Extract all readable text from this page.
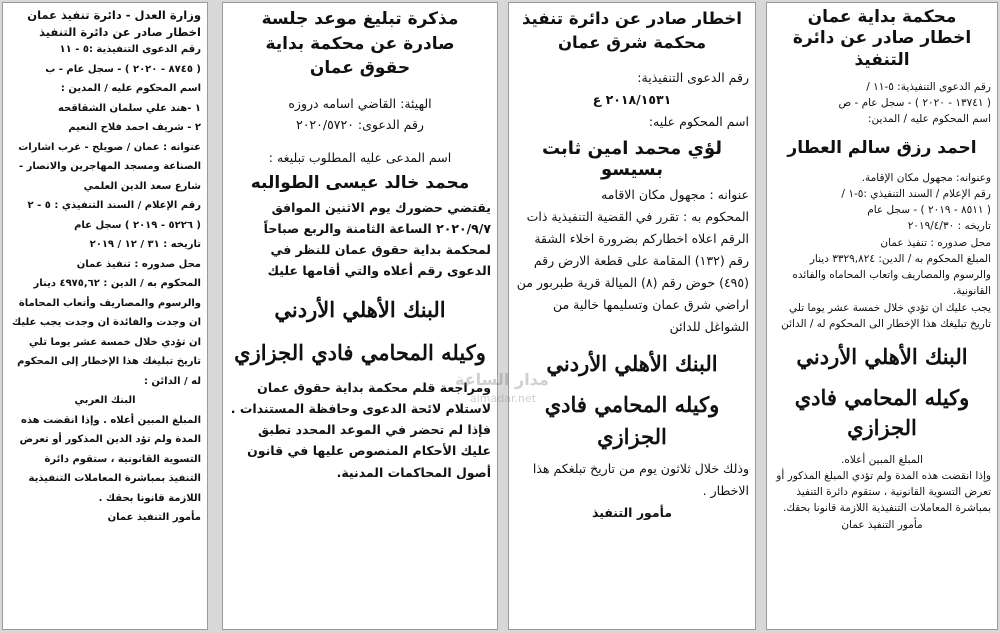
محكمة بداية عمان

اخطار صادر عن دائرة التنفيذ

رقم الدعوى التنفيذية: ٥-١١ /

( ١٣٧٤١ - ٢٠٢٠ ) - سجل عام - ص

اسم المحكوم عليه / المدين:

احمد رزق سالم العطار

وعنوانه: مجهول مكان الإقامة.

رقم الإعلام / السند التنفيذي :٥-١ /

( ٨٥١١ - ٢٠١٩ ) - سجل عام

تاريخه : ٢٠١٩/٤/٣٠

محل صدوره : تنفيذ عمان

المبلغ المحكوم به / الدين: ٣٣٢٩,٨٢٤ دينار والرسوم والمصاريف واتعاب المحاماه والفائده القانونية.

يجب عليك ان تؤدي خلال خمسة عشر يوما تلي تاريخ تبليغك هذا الإخطار الى المحكوم له / الدائن

البنك الأهلي الأردني

وكيله المحامي فادي الجزازي

المبلغ المبين أعلاه.

وإذا انقضت هذه المدة ولم تؤدي المبلغ المذكور أو تعرض التسوية القانونية ، ستقوم دائرة التنفيذ بمباشرة المعاملات التنفيذية اللازمة قانونا بحقك.

مأمور التنفيذ عمان

اخطار صادر عن دائرة تنفيذ

محكمة شرق عمان

رقم الدعوى التنفيذية:

٢٠١٨/١٥٣١ ع

اسم المحكوم عليه:

لؤي محمد امين ثابت بسيسو

عنوانه : مجهول مكان الاقامه

المحكوم به : تقرر في القضية التنفيذية ذات الرقم اعلاه اخطاركم بضرورة اخلاء الشقة رقم (١٣٢) المقامة على قطعة الارض رقم (٤٩٥) حوض رقم (٨) الميالة قرية طبربور من اراضي شرق عمان وتسليمها خالية من الشواغل للدائن

البنك الأهلي الأردني

وكيله المحامي فادي الجزازي

وذلك خلال ثلاثون يوم من تاريخ تبلغكم هذا الاخطار .

مأمور التنفيذ

مذكرة تبليغ موعد جلسة

صادرة عن محكمة بداية

حقوق عمان

الهيئة: القاضي اسامه دروزه

رقم الدعوى: ٢٠٢٠/٥٧٢٠

اسم المدعى عليه المطلوب تبليغه :

محمد خالد عيسى الطوالبه

يقتضي حضورك يوم الاثنين الموافق ٢٠٢٠/٩/٧ الساعة الثامنة والربع صباحاً لمحكمة بداية حقوق عمان للنظر في الدعوى رقم أعلاه والتي أقامها عليك

البنك الأهلي الأردني

وكيله المحامي فادي الجزازي

ومراجعة قلم محكمة بداية حقوق عمان لاستلام لائحة الدعوى وحافظة المستندات .

فإذا لم تحضر في الموعد المحدد تطبق عليك الأحكام المنصوص عليها في قانون أصول المحاكمات المدنية.

وزارة العدل - دائرة تنفيذ عمان

اخطار صادر عن دائرة التنفيذ

رقم الدعوى التنفيذية :٥ - ١١

( ٨٧٤٥ - ٢٠٢٠ ) - سجل عام - ب

اسم المحكوم عليه / المدين :

١ -هند علي سلمان الشقاقحه

٢ - شريف احمد فلاح النعيم

عنوانه : عمان / صويلح - غرب اشارات الصناعة ومسجد المهاجرين والانصار - شارع سعد الدين العلمي

رقم الإعلام / السند التنفيذي : ٥ - ٢

( ٥٢٢٦ - ٢٠١٩ ) سجل عام

تاريخه : ٣١ / ١٢ / ٢٠١٩

محل صدوره : تنفيذ عمان

المحكوم به / الدين : ٤٩٧٥,٦٢ دينار والرسوم والمصاريف وأتعاب المحاماة ان وجدت والفائدة ان وجدت يجب عليك ان تؤدي خلال خمسة عشر يوما تلي تاريخ تبليغك هذا الإخطار إلى المحكوم له / الدائن :

البنك العربي

المبلغ المبين أعلاه . وإذا انقضت هذه المدة ولم تؤد الدين المذكور أو تعرض التسوية القانونية ، ستقوم دائرة التنفيذ بمباشرة المعاملات التنفيذية اللازمة قانونا بحقك .

مأمور التنفيذ عمان

مدار الساعة
almadar.net
